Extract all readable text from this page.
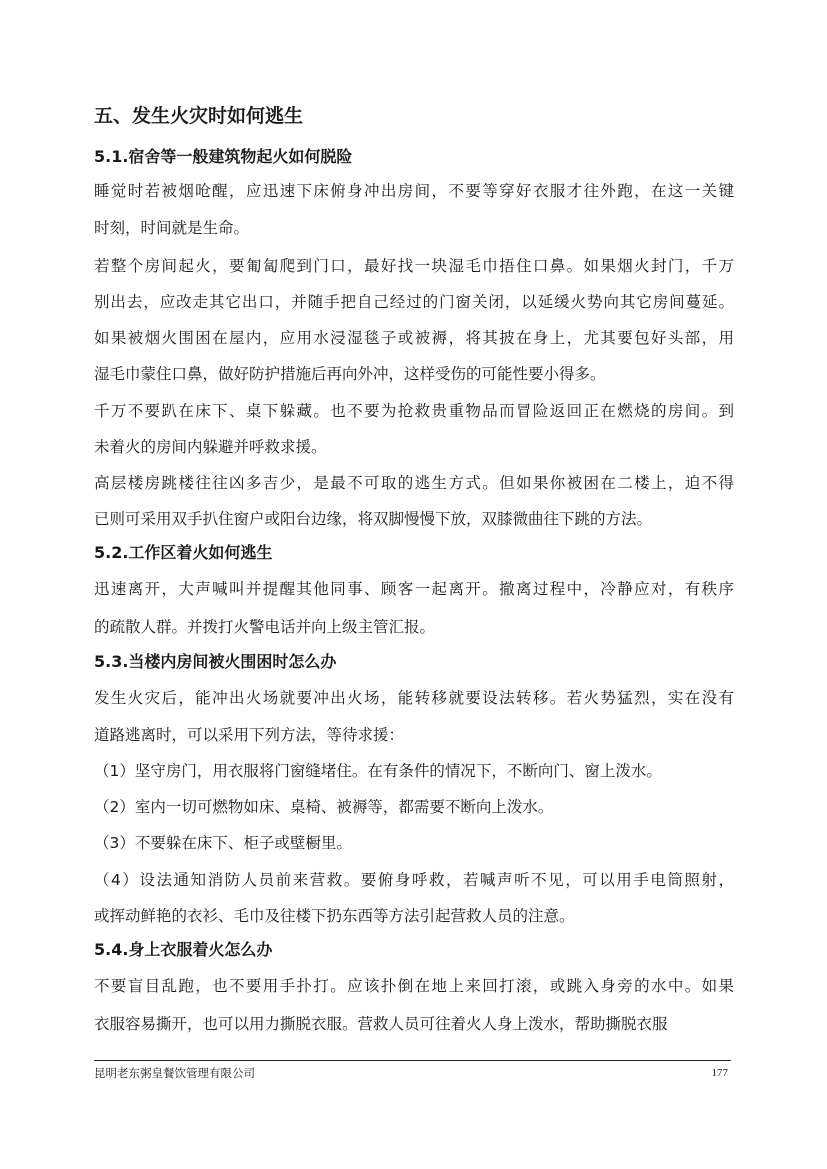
五、发生火灾时如何逃生
5.1.宿舍等一般建筑物起火如何脱险
睡觉时若被烟呛醒，应迅速下床俯身冲出房间，不要等穿好衣服才往外跑，在这一关键
时刻，时间就是生命。
若整个房间起火，要匍匐爬到门口，最好找一块湿毛巾捂住口鼻。如果烟火封门，千万
别出去，应改走其它出口，并随手把自己经过的门窗关闭，以延缓火势向其它房间蔓延。
如果被烟火围困在屋内，应用水浸湿毯子或被褥，将其披在身上，尤其要包好头部，用
湿毛巾蒙住口鼻，做好防护措施后再向外冲，这样受伤的可能性要小得多。
千万不要趴在床下、桌下躲藏。也不要为抢救贵重物品而冒险返回正在燃烧的房间。到
未着火的房间内躲避并呼救求援。
高层楼房跳楼往往凶多吉少，是最不可取的逃生方式。但如果你被困在二楼上，迫不得
已则可采用双手扒住窗户或阳台边缘，将双脚慢慢下放，双膝微曲往下跳的方法。
5.2.工作区着火如何逃生
迅速离开，大声喊叫并提醒其他同事、顾客一起离开。撤离过程中，冷静应对，有秩序
的疏散人群。并拨打火警电话并向上级主管汇报。
5.3.当楼内房间被火围困时怎么办
发生火灾后，能冲出火场就要冲出火场，能转移就要设法转移。若火势猛烈，实在没有
道路逃离时，可以采用下列方法，等待求援：
（1）坚守房门，用衣服将门窗缝堵住。在有条件的情况下，不断向门、窗上泼水。
（2）室内一切可燃物如床、桌椅、被褥等，都需要不断向上泼水。
（3）不要躲在床下、柜子或壁橱里。
（4）设法通知消防人员前来营救。要俯身呼救，若喊声听不见，可以用手电筒照射，
或挥动鲜艳的衣衫、毛巾及往楼下扔东西等方法引起营救人员的注意。
5.4.身上衣服着火怎么办
不要盲目乱跑，也不要用手扑打。应该扑倒在地上来回打滚，或跳入身旁的水中。如果
衣服容易撕开，也可以用力撕脱衣服。营救人员可往着火人身上泼水，帮助撕脱衣服
昆明老东粥皇餐饮管理有限公司	177
